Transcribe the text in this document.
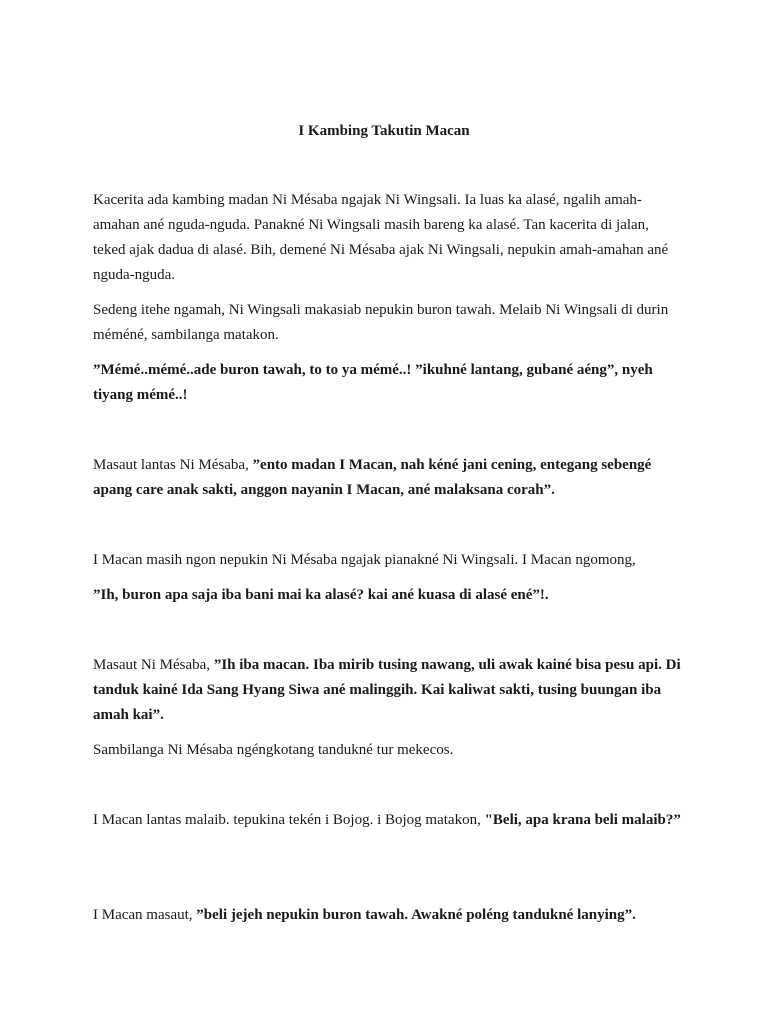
I Kambing Takutin Macan

Kacerita ada kambing madan Ni Mésaba ngajak Ni Wingsali. Ia luas ka alasé, ngalih amah-amahan ané nguda-nguda. Panakné Ni Wingsali masih bareng ka alasé. Tan kacerita di jalan, teked ajak dadua di alasé. Bih, demené Ni Mésaba ajak Ni Wingsali, nepukin amah-amahan ané nguda-nguda.

Sedeng itehe ngamah, Ni Wingsali makasiab nepukin buron tawah. Melaib Ni Wingsali di durin méméné, sambilanga matakon.

”Mémé..mémé..ade buron tawah, to to ya mémé..! ”ikuhné lantang, gubané aéng”, nyeh tiyang mémé..!

Masaut lantas Ni Mésaba, ”ento madan I Macan, nah kéné jani cening, entegang sebengé apang care anak sakti, anggon nayanin I Macan, ané malaksana corah”.

I Macan masih ngon nepukin Ni Mésaba ngajak pianakné Ni Wingsali. I Macan ngomong,

”Ih, buron apa saja iba bani mai ka alasé? kai ané kuasa di alasé ené”!.

Masaut Ni Mésaba, ”Ih iba macan. Iba mirib tusing nawang, uli awak kainé bisa pesu api. Di tanduk kainé Ida Sang Hyang Siwa ané malinggih. Kai kaliwat sakti, tusing buungan iba amah kai”.

Sambilanga Ni Mésaba ngéngkotang tandukné tur mekecos.

I Macan lantas malaib. tepukina tekén i Bojog. i Bojog matakon, "Beli, apa krana beli malaib?”

I Macan masaut, ”beli jejeh nepukin buron tawah. Awakné poléng tandukné lanying”.
